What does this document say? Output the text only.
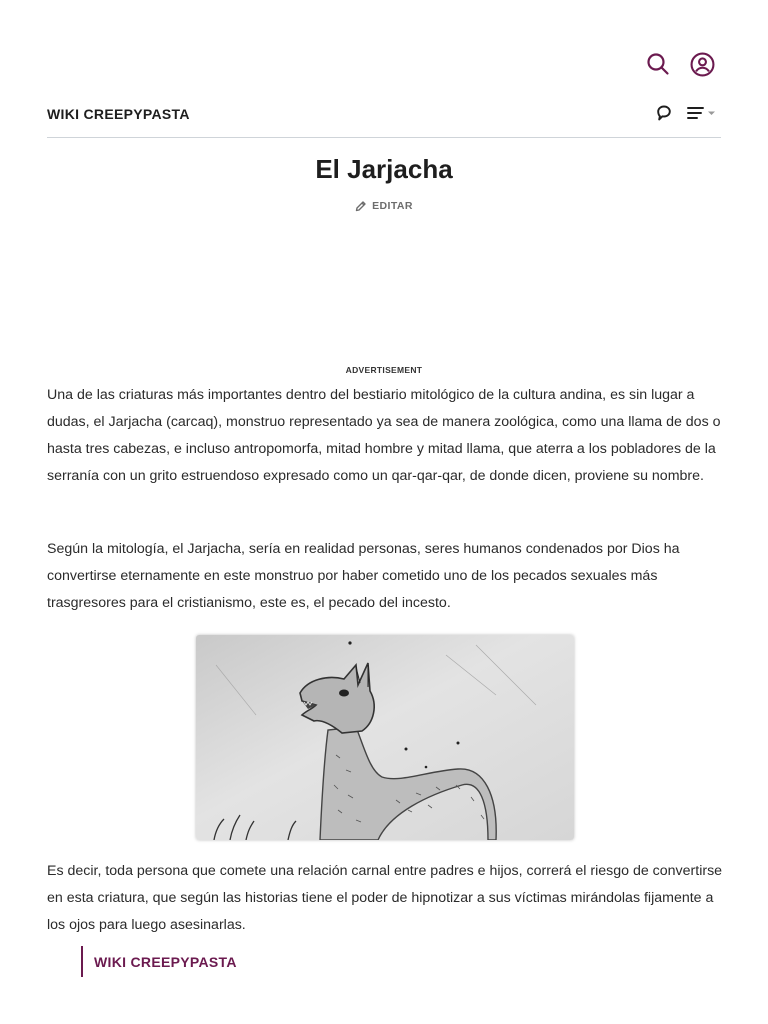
WIKI CREEPYPASTA
El Jarjacha
EDITAR
ADVERTISEMENT

Una de las criaturas más importantes dentro del bestiario mitológico de la cultura andina, es sin lugar a dudas, el Jarjacha (carcaq), monstruo representado ya sea de manera zoológica, como una llama de dos o hasta tres cabezas, e incluso antropomorfa, mitad hombre y mitad llama, que aterra a los pobladores de la serranía con un grito estruendoso expresado como un qar-qar-qar, de donde dicen, proviene su nombre.

Según la mitología, el Jarjacha, sería en realidad personas, seres humanos condenados por Dios ha convertirse eternamente en este monstruo por haber cometido uno de los pecados sexuales más trasgresores para el cristianismo, este es, el pecado del incesto.

Es decir, toda persona que comete una relación carnal entre padres e hijos, correrá el riesgo de convertirse en esta criatura, que según las historias tiene el poder de hipnotizar a sus víctimas mirándolas fijamente a los ojos para luego asesinarlas.

WIKI CREEPYPASTA
